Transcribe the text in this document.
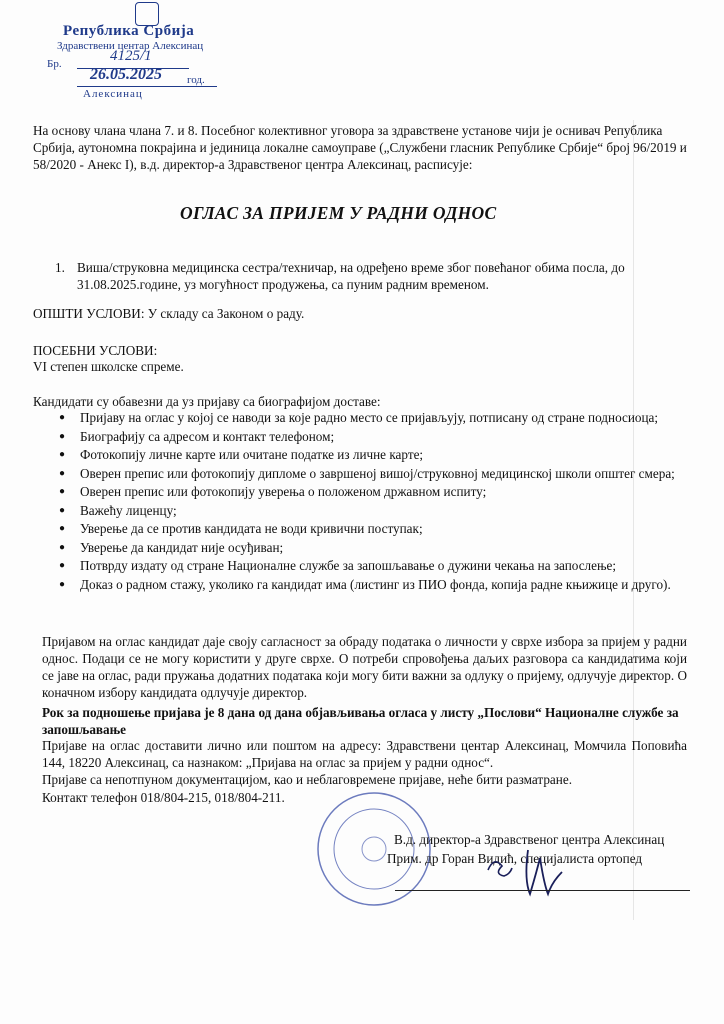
Република Србија
Здравствени центар Алексинац
Бр.	4125/1
26.05.2025 год.
Алексинац
На основу члана члана 7. и 8. Посебног колективног уговора за здравствене установе чији је оснивач Република Србија, аутономна покрајина и јединица локалне самоуправе („Службени гласник Републике Србије“ број 96/2019 и 58/2020 - Анекс I), в.д. директор-а Здравственог центра Алексинац, расписује:
ОГЛАС ЗА ПРИЈЕМ У РАДНИ ОДНОС
1. Виша/струковна медицинска сестра/техничар, на одређено време због повећаног обима посла, до 31.08.2025.године, уз могућност продужења, са пуним радним временом.
ОПШТИ УСЛОВИ: У складу са Законом о раду.
ПОСЕБНИ УСЛОВИ:
VI степен школске спреме.
Кандидати су обавезни да уз пријаву са биографијом доставе:
● Пријаву на оглас у којој се наводи за које радно место се пријављују, потписану од стране подносиоца;
● Биографију са адресом и контакт телефоном;
● Фотокопију личне карте или очитане податке из личне карте;
● Оверен препис или фотокопију дипломе о завршеној вишој/струковној медицинској школи општег смера;
● Оверен препис или фотокопију уверења о положеном државном испиту;
● Важећу лиценцу;
● Уверење да се против кандидата не води кривични поступак;
● Уверење да кандидат није осуђиван;
● Потврду издату од стране Националне службе за запошљавање о дужини чекања на запослење;
● Доказ о радном стажу, уколико га кандидат има (листинг из ПИО фонда, копија радне књижице и друго).
Пријавом на оглас кандидат даје своју сагласност за обраду података о личности у сврхе избора за пријем у радни однос. Подаци се не могу користити у друге сврхе. О потреби спровођења даљих разговора са кандидатима који се јаве на оглас, ради пружања додатних података који могу бити важни за одлуку о пријему, одлучује директор. О коначном избору кандидата одлучује директор.
Рок за подношење пријава је 8 дана од дана објављивања огласа у листу „Послови“ Националне службе за запошљавање
Пријаве на оглас доставити лично или поштом на адресу: Здравствени центар Алексинац, Момчила Поповића 144, 18220 Алексинац, са назнаком: „Пријава на оглас за пријем у радни однос“.
Пријаве са непотпуном документацијом, као и неблаговремене пријаве, неће бити разматране.
Контакт телефон 018/804-215, 018/804-211.
В.д. директор-а Здравственог центра Алексинац
Прим. др Горан Видић, специјалиста ортопед
